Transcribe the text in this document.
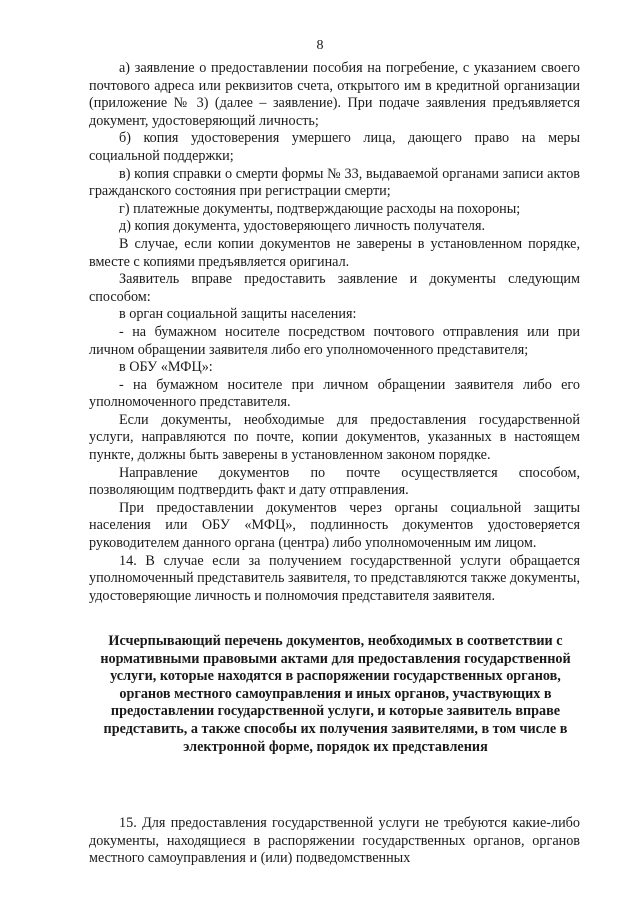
8

а) заявление о предоставлении пособия на погребение, с указанием своего почтового адреса или реквизитов счета, открытого им в кредитной организации (приложение № 3) (далее – заявление). При подаче заявления предъявляется документ, удостоверяющий личность;

б) копия удостоверения умершего лица, дающего право на меры социальной поддержки;

в) копия справки о смерти формы № 33, выдаваемой органами записи актов гражданского состояния при регистрации смерти;

г) платежные документы, подтверждающие расходы на похороны;

д) копия документа, удостоверяющего личность получателя.

В случае, если копии документов не заверены в установленном порядке, вместе с копиями предъявляется оригинал.

Заявитель вправе предоставить заявление и документы следующим способом:

в орган социальной защиты населения:

- на бумажном носителе посредством почтового отправления или при личном обращении заявителя либо его уполномоченного представителя;

в ОБУ «МФЦ»:

- на бумажном носителе при личном обращении заявителя либо его уполномоченного представителя.

Если документы, необходимые для предоставления государственной услуги, направляются по почте, копии документов, указанных в настоящем пункте, должны быть заверены в установленном законом порядке.

Направление документов по почте осуществляется способом, позволяющим подтвердить факт и дату отправления.

При предоставлении документов через органы социальной защиты населения или ОБУ «МФЦ», подлинность документов удостоверяется руководителем данного органа (центра) либо уполномоченным им лицом.

14. В случае если за получением государственной услуги обращается уполномоченный представитель заявителя, то представляются также документы, удостоверяющие личность и полномочия представителя заявителя.

Исчерпывающий перечень документов, необходимых в соответствии с нормативными правовыми актами для предоставления государственной услуги, которые находятся в распоряжении государственных органов, органов местного самоуправления и иных органов, участвующих в предоставлении государственной услуги, и которые заявитель вправе представить, а также способы их получения заявителями, в том числе в электронной форме, порядок их представления

15. Для предоставления государственной услуги не требуются какие-либо документы, находящиеся в распоряжении государственных органов, органов местного самоуправления и (или) подведомственных
